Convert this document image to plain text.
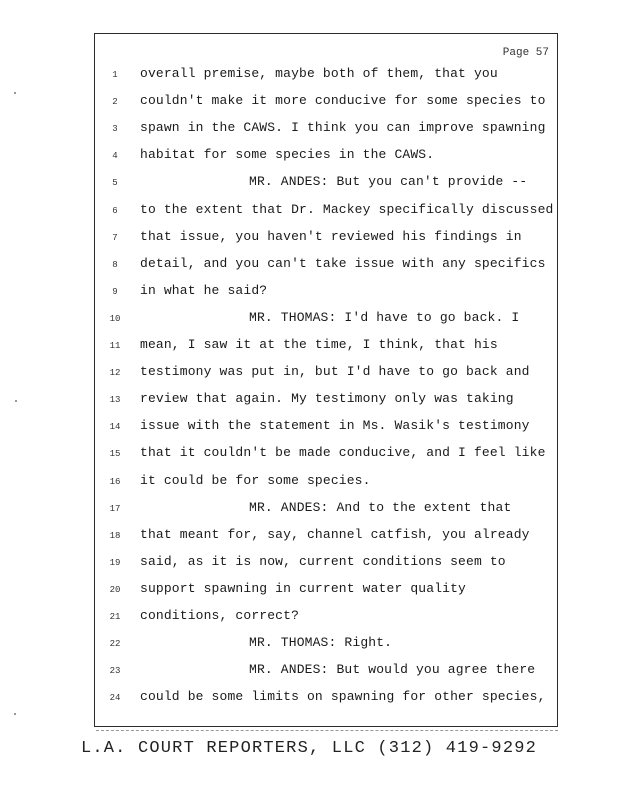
Page 57
1	overall premise, maybe both of them, that you
2	couldn't make it more conducive for some species to
3	spawn in the CAWS. I think you can improve spawning
4	habitat for some species in the CAWS.
5	MR. ANDES: But you can't provide --
6	to the extent that Dr. Mackey specifically discussed
7	that issue, you haven't reviewed his findings in
8	detail, and you can't take issue with any specifics
9	in what he said?
10	MR. THOMAS: I'd have to go back. I
11	mean, I saw it at the time, I think, that his
12	testimony was put in, but I'd have to go back and
13	review that again. My testimony only was taking
14	issue with the statement in Ms. Wasik's testimony
15	that it couldn't be made conducive, and I feel like
16	it could be for some species.
17	MR. ANDES: And to the extent that
18	that meant for, say, channel catfish, you already
19	said, as it is now, current conditions seem to
20	support spawning in current water quality
21	conditions, correct?
22	MR. THOMAS: Right.
23	MR. ANDES: But would you agree there
24	could be some limits on spawning for other species,
L.A. COURT REPORTERS, LLC (312) 419-9292
